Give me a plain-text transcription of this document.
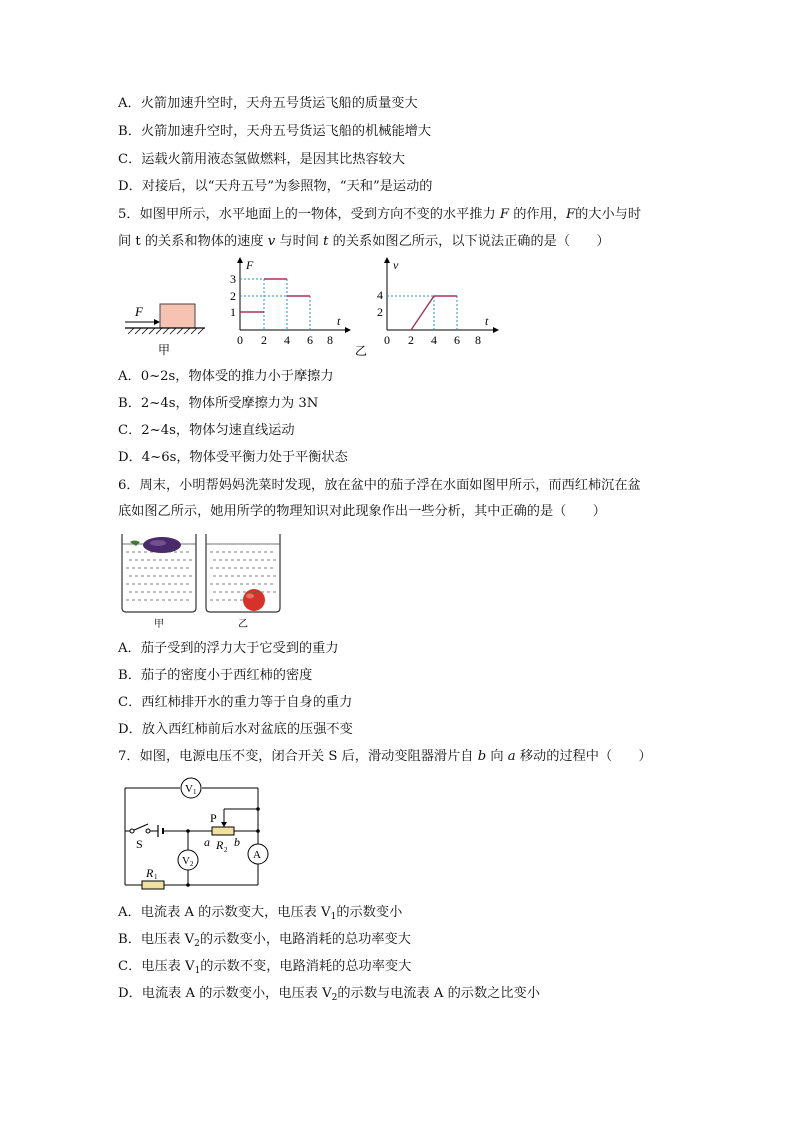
A．火箭加速升空时，天舟五号货运飞船的质量变大
B．火箭加速升空时，天舟五号货运飞船的机械能增大
C．运载火箭用液态氢做燃料，是因其比热容较大
D．对接后，以“天舟五号”为参照物，“天和”是运动的
5．如图甲所示，水平地面上的一物体，受到方向不变的水平推力 F 的作用，F的大小与时
间 t 的关系和物体的速度 v 与时间 t 的关系如图乙所示，以下说法正确的是（　　）
F
甲
F
t
1
2
3
0 2 4 6 8
乙
v
t
2
4
0 2 4 6 8
A．0~2s，物体受的推力小于摩擦力
B．2~4s，物体所受摩擦力为 3N
C．2~4s，物体匀速直线运动
D．4~6s，物体受平衡力处于平衡状态
6．周末，小明帮妈妈洗菜时发现，放在盆中的茄子浮在水面如图甲所示，而西红柿沉在盆
底如图乙所示，她用所学的物理知识对此现象作出一些分析，其中正确的是（　　）
甲	乙
A．茄子受到的浮力大于它受到的重力
B．茄子的密度小于西红柿的密度
C．西红柿排开水的重力等于自身的重力
D．放入西红柿前后水对盆底的压强不变
7．如图，电源电压不变，闭合开关 S 后，滑动变阻器滑片自 b 向 a 移动的过程中（　　）
V 1
V 2
A
P
a R 2
b
S
R 1
A．电流表 A 的示数变大，电压表 $V_1$的示数变小
B．电压表 $V_2$的示数变小，电路消耗的总功率变大
C．电压表 $V_1$的示数不变，电路消耗的总功率变大
D．电流表 A 的示数变小，电压表 $V_2$的示数与电流表 A 的示数之比变小
